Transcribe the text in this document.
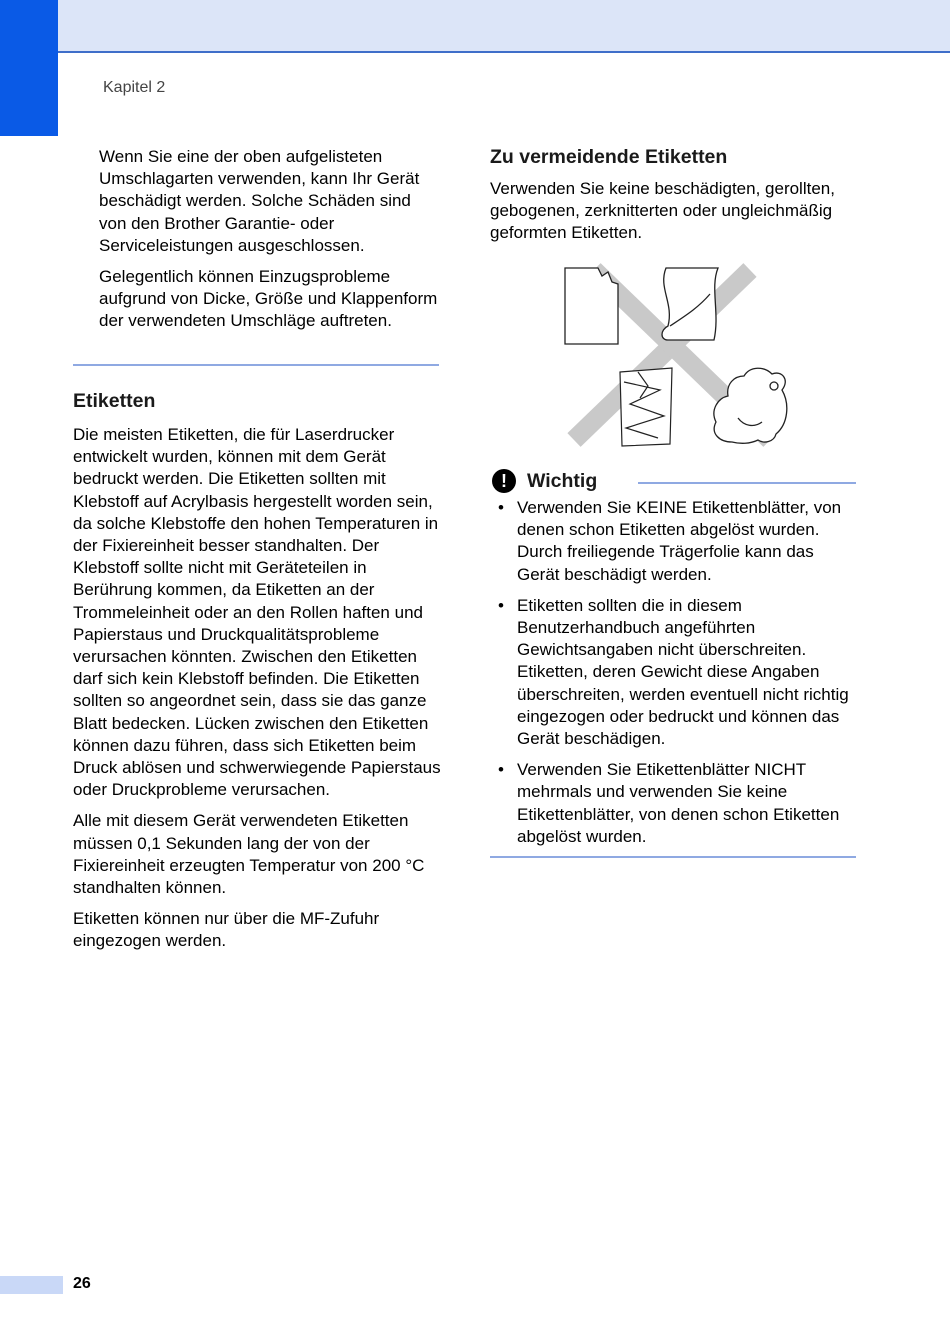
Kapitel 2

Wenn Sie eine der oben aufgelisteten Umschlagarten verwenden, kann Ihr Gerät beschädigt werden. Solche Schäden sind von den Brother Garantie- oder Serviceleistungen ausgeschlossen.

Gelegentlich können Einzugsprobleme aufgrund von Dicke, Größe und Klappenform der verwendeten Umschläge auftreten.

Etiketten

Die meisten Etiketten, die für Laserdrucker entwickelt wurden, können mit dem Gerät bedruckt werden. Die Etiketten sollten mit Klebstoff auf Acrylbasis hergestellt worden sein, da solche Klebstoffe den hohen Temperaturen in der Fixiereinheit besser standhalten. Der Klebstoff sollte nicht mit Geräteteilen in Berührung kommen, da Etiketten an der Trommeleinheit oder an den Rollen haften und Papierstaus und Druckqualitätsprobleme verursachen könnten. Zwischen den Etiketten darf sich kein Klebstoff befinden. Die Etiketten sollten so angeordnet sein, dass sie das ganze Blatt bedecken. Lücken zwischen den Etiketten können dazu führen, dass sich Etiketten beim Druck ablösen und schwerwiegende Papierstaus oder Druckprobleme verursachen.

Alle mit diesem Gerät verwendeten Etiketten müssen 0,1 Sekunden lang der von der Fixiereinheit erzeugten Temperatur von 200 °C standhalten können.

Etiketten können nur über die MF-Zufuhr eingezogen werden.

Zu vermeidende Etiketten

Verwenden Sie keine beschädigten, gerollten, gebogenen, zerknitterten oder ungleichmäßig geformten Etiketten.

!	Wichtig
• Verwenden Sie KEINE Etikettenblätter, von denen schon Etiketten abgelöst wurden. Durch freiliegende Trägerfolie kann das Gerät beschädigt werden.
• Etiketten sollten die in diesem Benutzerhandbuch angeführten Gewichtsangaben nicht überschreiten. Etiketten, deren Gewicht diese Angaben überschreiten, werden eventuell nicht richtig eingezogen oder bedruckt und können das Gerät beschädigen.
• Verwenden Sie Etikettenblätter NICHT mehrmals und verwenden Sie keine Etikettenblätter, von denen schon Etiketten abgelöst wurden.
26
